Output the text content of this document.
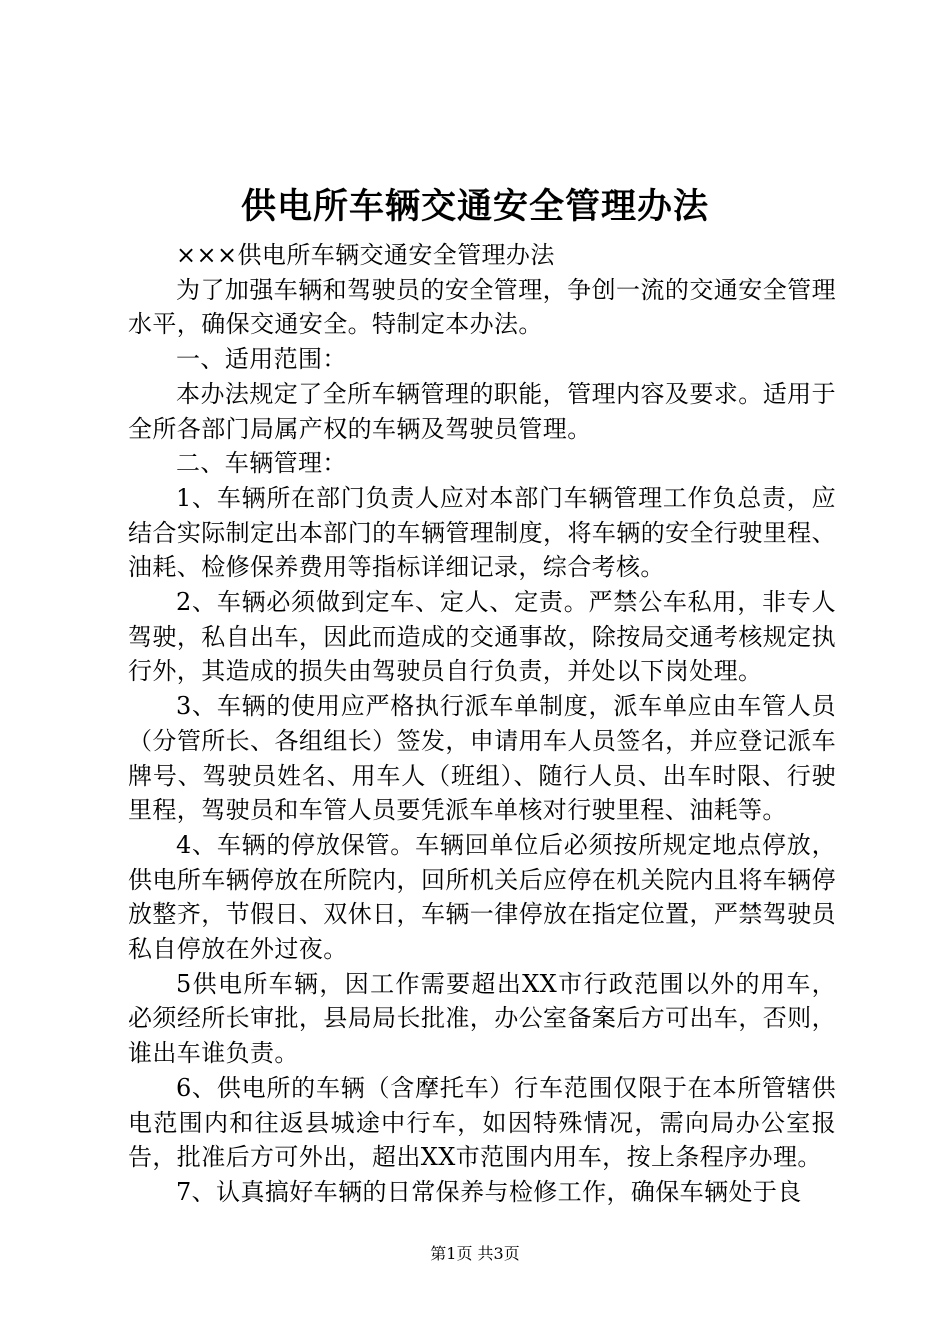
供电所车辆交通安全管理办法

×××供电所车辆交通安全管理办法

为了加强车辆和驾驶员的安全管理，争创一流的交通安全管理水平，确保交通安全。特制定本办法。

一、适用范围：

本办法规定了全所车辆管理的职能，管理内容及要求。适用于全所各部门局属产权的车辆及驾驶员管理。

二、车辆管理：

1、车辆所在部门负责人应对本部门车辆管理工作负总责，应结合实际制定出本部门的车辆管理制度，将车辆的安全行驶里程、油耗、检修保养费用等指标详细记录，综合考核。

2、车辆必须做到定车、定人、定责。严禁公车私用，非专人驾驶，私自出车，因此而造成的交通事故，除按局交通考核规定执行外，其造成的损失由驾驶员自行负责，并处以下岗处理。

3、车辆的使用应严格执行派车单制度，派车单应由车管人员（分管所长、各组组长）签发，申请用车人员签名，并应登记派车牌号、驾驶员姓名、用车人（班组）、随行人员、出车时限、行驶里程，驾驶员和车管人员要凭派车单核对行驶里程、油耗等。

4、车辆的停放保管。车辆回单位后必须按所规定地点停放，供电所车辆停放在所院内，回所机关后应停在机关院内且将车辆停放整齐，节假日、双休日，车辆一律停放在指定位置，严禁驾驶员私自停放在外过夜。

5供电所车辆，因工作需要超出XX市行政范围以外的用车，必须经所长审批，县局局长批准，办公室备案后方可出车，否则，谁出车谁负责。

6、供电所的车辆（含摩托车）行车范围仅限于在本所管辖供电范围内和往返县城途中行车，如因特殊情况，需向局办公室报告，批准后方可外出，超出XX市范围内用车，按上条程序办理。

7、认真搞好车辆的日常保养与检修工作，确保车辆处于良

第1页 共3页
